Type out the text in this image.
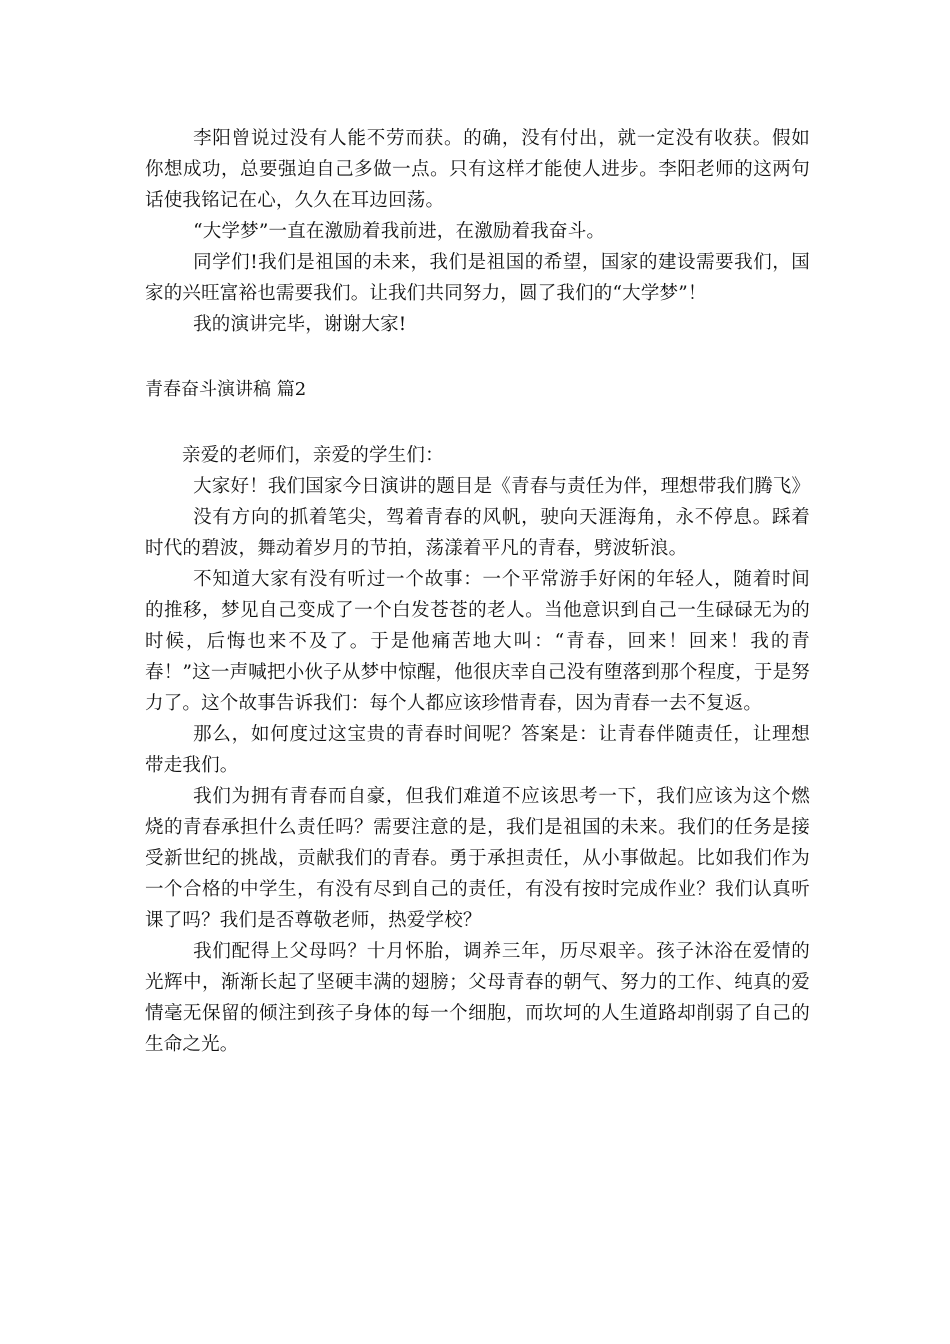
李阳曾说过没有人能不劳而获。的确，没有付出，就一定没有收获。假如你想成功，总要强迫自己多做一点。只有这样才能使人进步。李阳老师的这两句话使我铭记在心，久久在耳边回荡。

“大学梦”一直在激励着我前进，在激励着我奋斗。

同学们!我们是祖国的未来，我们是祖国的希望，国家的建设需要我们，国家的兴旺富裕也需要我们。让我们共同努力，圆了我们的“大学梦”！

我的演讲完毕，谢谢大家!

青春奋斗演讲稿 篇2

亲爱的老师们，亲爱的学生们：

大家好！我们国家今日演讲的题目是《青春与责任为伴，理想带我们腾飞》

没有方向的抓着笔尖，驾着青春的风帆，驶向天涯海角，永不停息。踩着时代的碧波，舞动着岁月的节拍，荡漾着平凡的青春，劈波斩浪。

不知道大家有没有听过一个故事：一个平常游手好闲的年轻人，随着时间的推移，梦见自己变成了一个白发苍苍的老人。当他意识到自己一生碌碌无为的时候，后悔也来不及了。于是他痛苦地大叫：“青春，回来！回来！我的青春！”这一声喊把小伙子从梦中惊醒，他很庆幸自己没有堕落到那个程度，于是努力了。这个故事告诉我们：每个人都应该珍惜青春，因为青春一去不复返。

那么，如何度过这宝贵的青春时间呢？答案是：让青春伴随责任，让理想带走我们。

我们为拥有青春而自豪，但我们难道不应该思考一下，我们应该为这个燃烧的青春承担什么责任吗？需要注意的是，我们是祖国的未来。我们的任务是接受新世纪的挑战，贡献我们的青春。勇于承担责任，从小事做起。比如我们作为一个合格的中学生，有没有尽到自己的责任，有没有按时完成作业？我们认真听课了吗？我们是否尊敬老师，热爱学校？

我们配得上父母吗？十月怀胎，调养三年，历尽艰辛。孩子沐浴在爱情的光辉中，渐渐长起了坚硬丰满的翅膀；父母青春的朝气、努力的工作、纯真的爱情毫无保留的倾注到孩子身体的每一个细胞，而坎坷的人生道路却削弱了自己的生命之光。
